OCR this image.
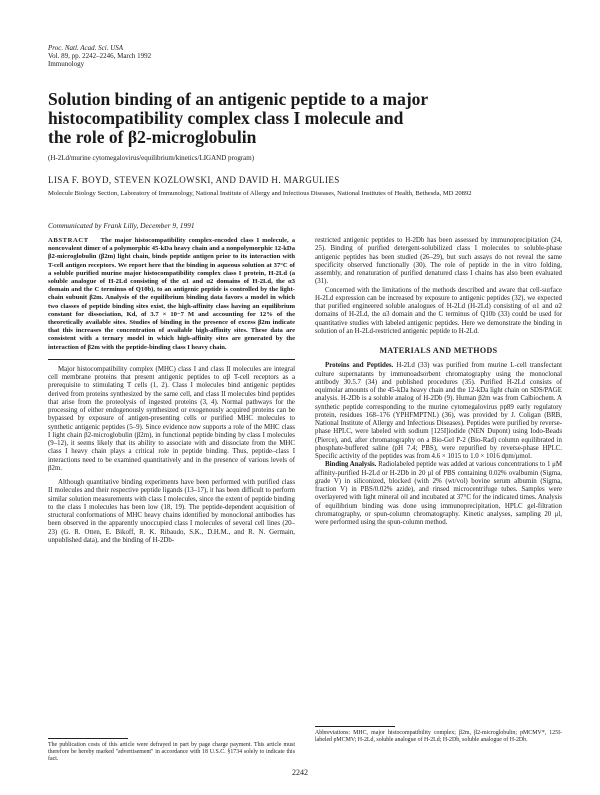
Proc. Natl. Acad. Sci. USA
Vol. 89, pp. 2242–2246, March 1992
Immunology
Solution binding of an antigenic peptide to a major
histocompatibility complex class I molecule and
the role of β2-microglobulin
(H-2Ld/murine cytomegalovirus/equilibrium/kinetics/LIGAND program)
LISA F. BOYD, STEVEN KOZLOWSKI, AND DAVID H. MARGULIES
Molecule Biology Section, Laboratory of Immunology, National Institute of Allergy and Infectious Diseases, National Institutes of Health, Bethesda, MD 20892
Communicated by Frank Lilly, December 9, 1991
ABSTRACT The major histocompatibility complex-encoded class I molecule, a noncovalent dimer of a polymorphic 45-kDa heavy chain and a nonpolymorphic 12-kDa β2-microglobulin (β2m) light chain, binds peptide antigen prior to its interaction with T-cell antigen receptors. We report here that the binding in aqueous solution at 37°C of a soluble purified murine major histocompatibility complex class I protein, H-2Ld (a soluble analogue of H-2Ld consisting of the α1 and α2 domains of H-2Ld, the α3 domain and the C terminus of Q10b), to an antigenic peptide is controlled by the light-chain subunit β2m. Analysis of the equilibrium binding data favors a model in which two classes of peptide binding sites exist, the high-affinity class having an equilibrium constant for dissociation, Kd, of 3.7 × 10−7 M and accounting for 12% of the theoretically available sites. Studies of binding in the presence of excess β2m indicate that this increases the concentration of available high-affinity sites. These data are consistent with a ternary model in which high-affinity sites are generated by the interaction of β2m with the peptide-binding class I heavy chain.

Major histocompatibility complex (MHC) class I and class II molecules are integral cell membrane proteins that present antigenic peptides to αβ T-cell receptors as a prerequisite to stimulating T cells (1, 2). Class I molecules bind antigenic peptides derived from proteins synthesized by the same cell, and class II molecules bind peptides that arise from the proteolysis of ingested proteins (3, 4). Normal pathways for the processing of either endogenously synthesized or exogenously acquired proteins can be bypassed by exposure of antigen-presenting cells or purified MHC molecules to synthetic antigenic peptides (5–9). Since evidence now supports a role of the MHC class I light chain β2-microglobulin (β2m), in functional peptide binding by class I molecules (9–12), it seems likely that its ability to associate with and dissociate from the MHC class I heavy chain plays a critical role in peptide binding. Thus, peptide–class I interactions need to be examined quantitatively and in the presence of various levels of β2m.

Although quantitative binding experiments have been performed with purified class II molecules and their respective peptide ligands (13–17), it has been difficult to perform similar solution measurements with class I molecules, since the extent of peptide binding to the class I molecules has been low (18, 19). The peptide-dependent acquisition of structural conformations of MHC heavy chains identified by monoclonal antibodies has been observed in the apparently unoccupied class I molecules of several cell lines (20–23) (G. R. Otten, E. Bikoff, R. K. Ribaudo, S.K., D.H.M., and R. N. Germain, unpublished data), and the binding of H-2Db-

restricted antigenic peptides to H-2Db has been assessed by immunoprecipitation (24, 25). Binding of purified detergent-solubilized class I molecules to soluble-phase antigenic peptides has been studied (26–29), but such assays do not reveal the same specificity observed functionally (30). The role of peptide in the in vitro folding, assembly, and renaturation of purified denatured class I chains has also been evaluated (31).

Concerned with the limitations of the methods described and aware that cell-surface H-2Ld expression can be increased by exposure to antigenic peptides (32), we expected that purified engineered soluble analogues of H-2Ld (H-2Ld) consisting of α1 and α2 domains of H-2Ld, the α3 domain and the C terminus of Q10b (33) could be used for quantitative studies with labeled antigenic peptides. Here we demonstrate the binding in solution of an H-2Ld-restricted antigenic peptide to H-2Ld.

MATERIALS AND METHODS

Proteins and Peptides. H-2Ld (33) was purified from murine L-cell transfectant culture supernatants by immunoadsorbent chromatography using the monoclonal antibody 30.5.7 (34) and published procedures (35). Purified H-2Ld consists of equimolar amounts of the 45-kDa heavy chain and the 12-kDa light chain on SDS/PAGE analysis. H-2Db is a soluble analog of H-2Db (9). Human β2m was from Calbiochem. A synthetic peptide corresponding to the murine cytomegalovirus pp89 early regulatory protein, residues 168–176 (YPHFMPTNL) (36), was provided by J. Coligan (BRB, National Institute of Allergy and Infectious Diseases). Peptides were purified by reverse-phase HPLC, were labeled with sodium [125I]iodide (NEN Dupont) using Iodo-Beads (Pierce), and, after chromatography on a Bio-Gel P-2 (Bio-Rad) column equilibrated in phosphate-buffered saline (pH 7.4; PBS), were repurified by reverse-phase HPLC. Specific activity of the peptides was from 4.6 × 1015 to 1.0 × 1016 dpm/μmol.

Binding Analysis. Radiolabeled peptide was added at various concentrations to 1 μM affinity-purified H-2Ld or H-2Db in 20 μl of PBS containing 0.02% ovalbumin (Sigma, grade V) in siliconized, blocked (with 2% (wt/vol) bovine serum albumin (Sigma, fraction V) in PBS/0.02% azide), and rinsed microcentrifuge tubes. Samples were overlayered with light mineral oil and incubated at 37°C for the indicated times. Analysis of equilibrium binding was done using immunoprecipitation, HPLC gel-filtration chromatography, or spun-column chromatography. Kinetic analyses, sampling 20 μl, were performed using the spun-column method.

The publication costs of this article were defrayed in part by page charge payment. This article must therefore be hereby marked "advertisement" in accordance with 18 U.S.C. §1734 solely to indicate this fact.
Abbreviations: MHC, major histocompatibility complex; β2m, β2-microglobulin; pMCMV*, 125I-labeled pMCMV; H-2Ld, soluble analogue of H-2Ld; H-2Db, soluble analogue of H-2Db.
2242
